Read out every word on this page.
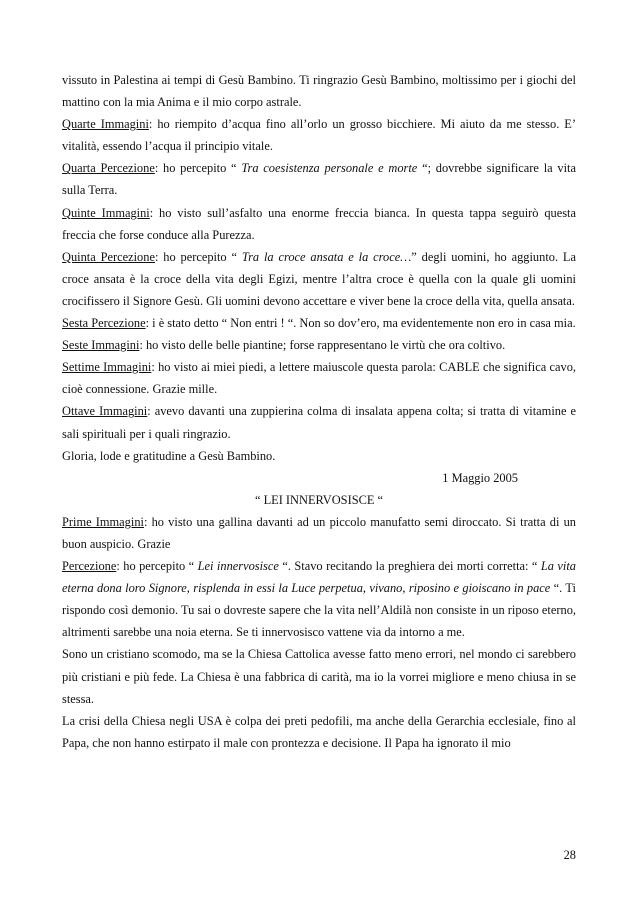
vissuto in Palestina ai tempi di Gesù Bambino. Ti ringrazio Gesù Bambino, moltissimo per i giochi del mattino con la mia Anima e il mio corpo astrale.

Quarte Immagini: ho riempito d’acqua fino all’orlo un grosso bicchiere. Mi aiuto da me stesso. E’ vitalità, essendo l’acqua il principio vitale.

Quarta Percezione: ho percepito “ Tra coesistenza personale e morte “; dovrebbe significare la vita sulla Terra.

Quinte Immagini: ho visto sull’asfalto una enorme freccia bianca. In questa tappa seguirò questa freccia che forse conduce alla Purezza.

Quinta Percezione: ho percepito “ Tra la croce ansata e la croce…” degli uomini, ho aggiunto. La croce ansata è la croce della vita degli Egizi, mentre l’altra croce è quella con la quale gli uomini crocifissero il Signore Gesù. Gli uomini devono accettare e viver bene la croce della vita, quella ansata.

Sesta Percezione: i è stato detto “ Non entri ! “. Non so dov’ero, ma evidentemente non ero in casa mia.

Seste Immagini: ho visto delle belle piantine; forse rappresentano le virtù che ora coltivo.

Settime Immagini: ho visto ai miei piedi, a lettere maiuscole questa parola: CABLE che significa cavo, cioè connessione. Grazie mille.

Ottave Immagini: avevo davanti una zuppierina colma di insalata appena colta; si tratta di vitamine e sali spirituali per i quali ringrazio.

Gloria, lode e gratitudine a Gesù Bambino.

1 Maggio 2005

“ LEI INNERVOSISCE “

Prime Immagini: ho visto una gallina davanti ad un piccolo manufatto semi diroccato. Si tratta di un buon auspicio. Grazie

Percezione: ho percepito “ Lei innervosisce “. Stavo recitando la preghiera dei morti corretta: “ La vita eterna dona loro Signore, risplenda in essi la Luce perpetua, vivano, riposino e gioiscano in pace “. Ti rispondo così demonio. Tu sai o dovreste sapere che la vita nell’Aldilà non consiste in un riposo eterno, altrimenti sarebbe una noia eterna. Se ti innervosisco vattene via da intorno a me.

Sono un cristiano scomodo, ma se la Chiesa Cattolica avesse fatto meno errori, nel mondo ci sarebbero più cristiani e più fede. La Chiesa è una fabbrica di carità, ma io la vorrei migliore e meno chiusa in se stessa.

La crisi della Chiesa negli USA è colpa dei preti pedofili, ma anche della Gerarchia ecclesiale, fino al Papa, che non hanno estirpato il male con prontezza e decisione. Il Papa ha ignorato il mio

28
